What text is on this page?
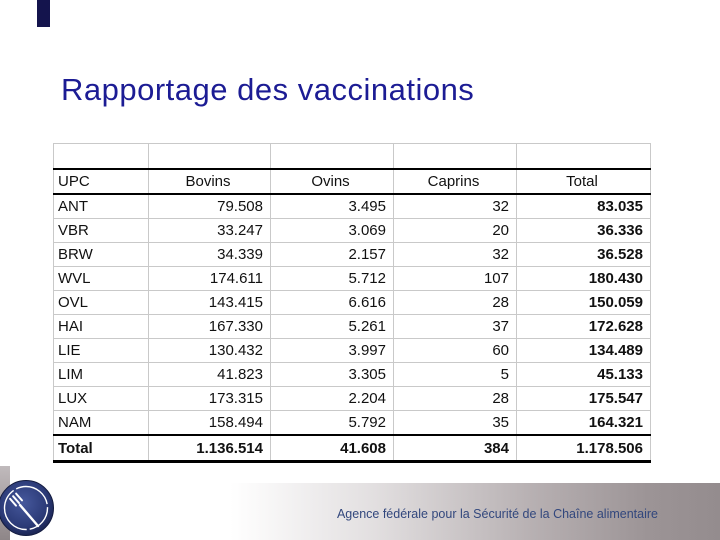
Rapportage des vaccinations

UPC	Bovins	Ovins	Caprins	Total
ANT	79.508	3.495	32	83.035
VBR	33.247	3.069	20	36.336
BRW	34.339	2.157	32	36.528
WVL	174.611	5.712	107	180.430
OVL	143.415	6.616	28	150.059
HAI	167.330	5.261	37	172.628
LIE	130.432	3.997	60	134.489
LIM	41.823	3.305	5	45.133
LUX	173.315	2.204	28	175.547
NAM	158.494	5.792	35	164.321
Total	1.136.514	41.608	384	1.178.506
Agence fédérale pour la Sécurité de la Chaîne alimentaire
